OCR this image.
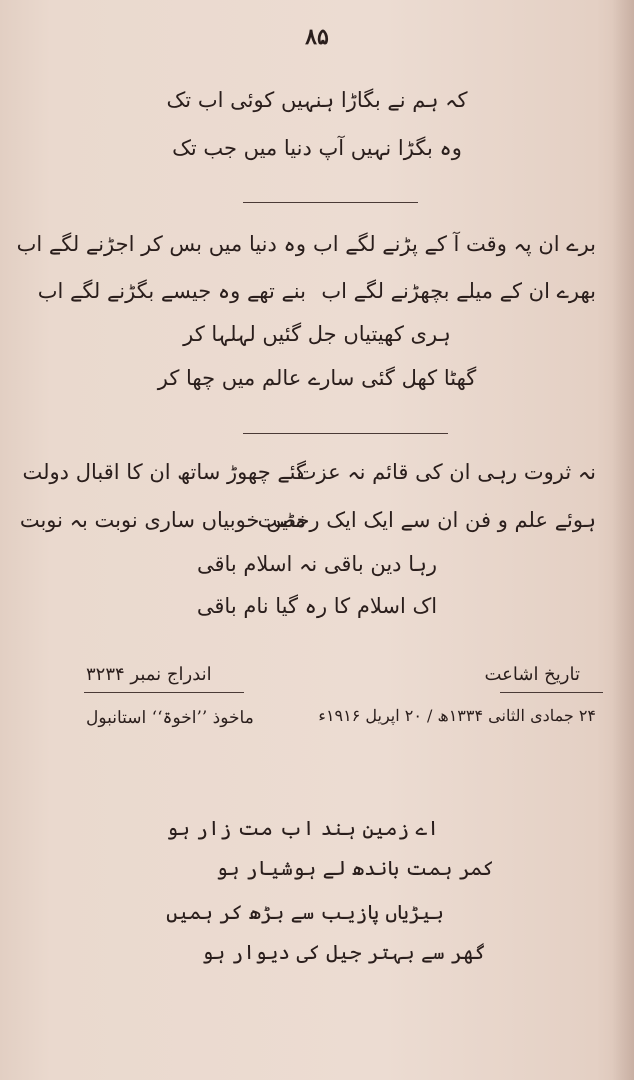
۸۵
کہ ہم نے بگاڑا ہنہیں کوئی اب تک
وہ بگڑا نہیں آپ دنیا میں جب تک
برے ان پہ وقت آ کے پڑنے لگے اب
وہ دنیا میں بس کر اجڑنے لگے اب
بھرے ان کے میلے بچھڑنے لگے اب
بنے تھے وہ جیسے بگڑنے لگے اب
ہری کھیتیاں جل گئیں لہلہا کر
گھٹا کھل گئی سارے عالم میں چھا کر
نہ ثروت رہی ان کی قائم نہ عزت
گئے چھوڑ ساتھ ان کا اقبال دولت
ہوئے علم و فن ان سے ایک ایک رخصت
مٹیں خوبیاں ساری نوبت بہ نوبت
رہا دین باقی نہ اسلام باقی
اک اسلام کا رہ گیا نام باقی
تاریخ اشاعت
۲۴ جمادی الثانی ۱۳۳۴ھ / ۲۰ اپریل ۱۹۱۶ء
اندراج نمبر ۳۲۳۴
ماخوذ ’’اخوۃ‘‘ استانبول
اے زمین ہند اب مت زار ہو
کمر ہمت باندھ لے ہوشیار ہو
بیڑیاں پازیب سے بڑھ کر ہمیں
گھر سے بہتر جیل کی دیوار ہو
